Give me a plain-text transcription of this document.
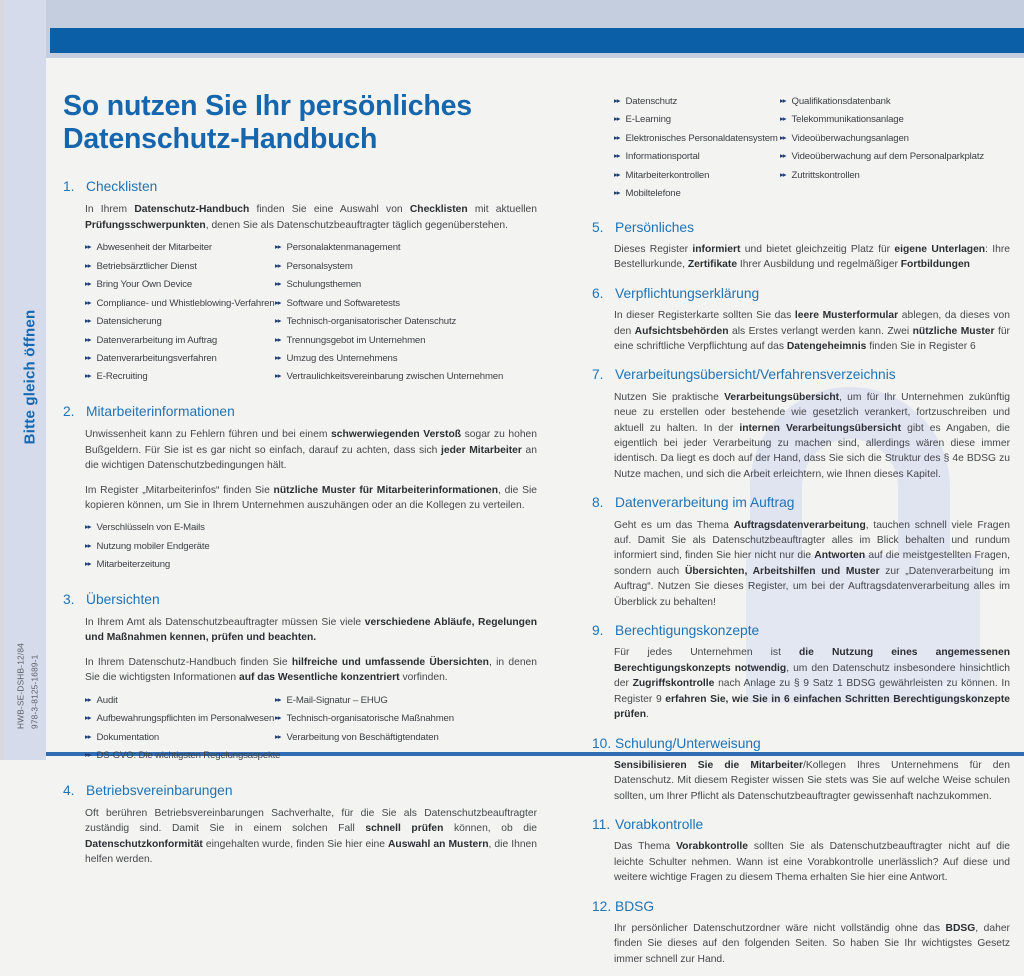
Bitte gleich öffnen
HWB-SE-DSHB-12/84 978-3-8125-1689-1
So nutzen Sie Ihr persönliches
Datenschutz-Handbuch
1. Checklisten

In Ihrem Datenschutz-Handbuch finden Sie eine Auswahl von Checklisten mit aktuellen Prüfungsschwerpunkten, denen Sie als Datenschutzbeauftragter täglich gegenüberstehen.

▸▸ Abwesenheit der Mitarbeiter
▸▸ Betriebsärztlicher Dienst
▸▸ Bring Your Own Device
▸▸ Compliance- und Whistleblowing-Verfahren
▸▸ Datensicherung
▸▸ Datenverarbeitung im Auftrag
▸▸ Datenverarbeitungsverfahren
▸▸ E-Recruiting
▸▸ Personalaktenmanagement
▸▸ Personalsystem
▸▸ Schulungsthemen
▸▸ Software und Softwaretests
▸▸ Technisch-organisatorischer Datenschutz
▸▸ Trennungsgebot im Unternehmen
▸▸ Umzug des Unternehmens
▸▸ Vertraulichkeitsvereinbarung zwischen Unternehmen
2. Mitarbeiterinformationen

Unwissenheit kann zu Fehlern führen und bei einem schwerwiegenden Verstoß sogar zu hohen Bußgeldern. Für Sie ist es gar nicht so einfach, darauf zu achten, dass sich jeder Mitarbeiter an die wichtigen Datenschutzbedingungen hält.

Im Register „Mitarbeiterinfos“ finden Sie nützliche Muster für Mitarbeiterinformationen, die Sie kopieren können, um Sie in Ihrem Unternehmen auszuhängen oder an die Kollegen zu verteilen.

▸▸ Verschlüsseln von E-Mails
▸▸ Nutzung mobiler Endgeräte
▸▸ Mitarbeiterzeitung
3. Übersichten

In Ihrem Amt als Datenschutzbeauftragter müssen Sie viele verschiedene Abläufe, Regelungen und Maßnahmen kennen, prüfen und beachten.

In Ihrem Datenschutz-Handbuch finden Sie hilfreiche und umfassende Übersichten, in denen Sie die wichtigsten Informationen auf das Wesentliche konzentriert vorfinden.

▸▸ Audit
▸▸ Aufbewahrungspflichten im Personalwesen
▸▸ Dokumentation
▸▸ DS-GVO: Die wichtigsten Regelungsaspekte
▸▸ E-Mail-Signatur – EHUG
▸▸ Technisch-organisatorische Maßnahmen
▸▸ Verarbeitung von Beschäftigtendaten
4. Betriebsvereinbarungen

Oft berühren Betriebsvereinbarungen Sachverhalte, für die Sie als Datenschutzbeauftragter zuständig sind. Damit Sie in einem solchen Fall schnell prüfen können, ob die Datenschutzkonformität eingehalten wurde, finden Sie hier eine Auswahl an Mustern, die Ihnen helfen werden.

▸▸ Datenschutz
▸▸ E-Learning
▸▸ Elektronisches Personaldatensystem
▸▸ Informationsportal
▸▸ Mitarbeiterkontrollen
▸▸ Mobiltelefone
▸▸ Qualifikationsdatenbank
▸▸ Telekommunikationsanlage
▸▸ Videoüberwachungsanlagen
▸▸ Videoüberwachung auf dem Personalparkplatz
▸▸ Zutrittskontrollen
5. Persönliches

Dieses Register informiert und bietet gleichzeitig Platz für eigene Unterlagen: Ihre Bestellurkunde, Zertifikate Ihrer Ausbildung und regelmäßiger Fortbildungen

6. Verpflichtungserklärung

In dieser Registerkarte sollten Sie das leere Musterformular ablegen, da dieses von den Aufsichtsbehörden als Erstes verlangt werden kann. Zwei nützliche Muster für eine schriftliche Verpflichtung auf das Datengeheimnis finden Sie in Register 6

7. Verarbeitungsübersicht/Verfahrensverzeichnis

Nutzen Sie praktische Verarbeitungsübersicht, um für Ihr Unternehmen zukünftig neue zu erstellen oder bestehende wie gesetzlich verankert, fortzuschreiben und aktuell zu halten. In der internen Verarbeitungsübersicht gibt es Angaben, die eigentlich bei jeder Verarbeitung zu machen sind, allerdings wären diese immer identisch. Da liegt es doch auf der Hand, dass Sie sich die Struktur des § 4e BDSG zu Nutze machen, und sich die Arbeit erleichtern, wie Ihnen dieses Kapitel.

8. Datenverarbeitung im Auftrag

Geht es um das Thema Auftragsdatenverarbeitung, tauchen schnell viele Fragen auf. Damit Sie als Datenschutzbeauftragter alles im Blick behalten und rundum informiert sind, finden Sie hier nicht nur die Antworten auf die meistgestellten Fragen, sondern auch Übersichten, Arbeitshilfen und Muster zur „Datenverarbeitung im Auftrag“. Nutzen Sie dieses Register, um bei der Auftragsdatenverarbeitung alles im Überblick zu behalten!

9. Berechtigungskonzepte

Für jedes Unternehmen ist die Nutzung eines angemessenen Berechtigungskonzepts notwendig, um den Datenschutz insbesondere hinsichtlich der Zugriffskontrolle nach Anlage zu § 9 Satz 1 BDSG gewährleisten zu können. In Register 9 erfahren Sie, wie Sie in 6 einfachen Schritten Berechtigungskonzepte prüfen.

10. Schulung/Unterweisung

Sensibilisieren Sie die Mitarbeiter/Kollegen Ihres Unternehmens für den Datenschutz. Mit diesem Register wissen Sie stets was Sie auf welche Weise schulen sollten, um Ihrer Pflicht als Datenschutzbeauftragter gewissenhaft nachzukommen.

11. Vorabkontrolle

Das Thema Vorabkontrolle sollten Sie als Datenschutzbeauftragter nicht auf die leichte Schulter nehmen. Wann ist eine Vorabkontrolle unerlässlich? Auf diese und weitere wichtige Fragen zu diesem Thema erhalten Sie hier eine Antwort.

12. BDSG

Ihr persönlicher Datenschutzordner wäre nicht vollständig ohne das BDSG, daher finden Sie dieses auf den folgenden Seiten. So haben Sie Ihr wichtigstes Gesetz immer schnell zur Hand.
